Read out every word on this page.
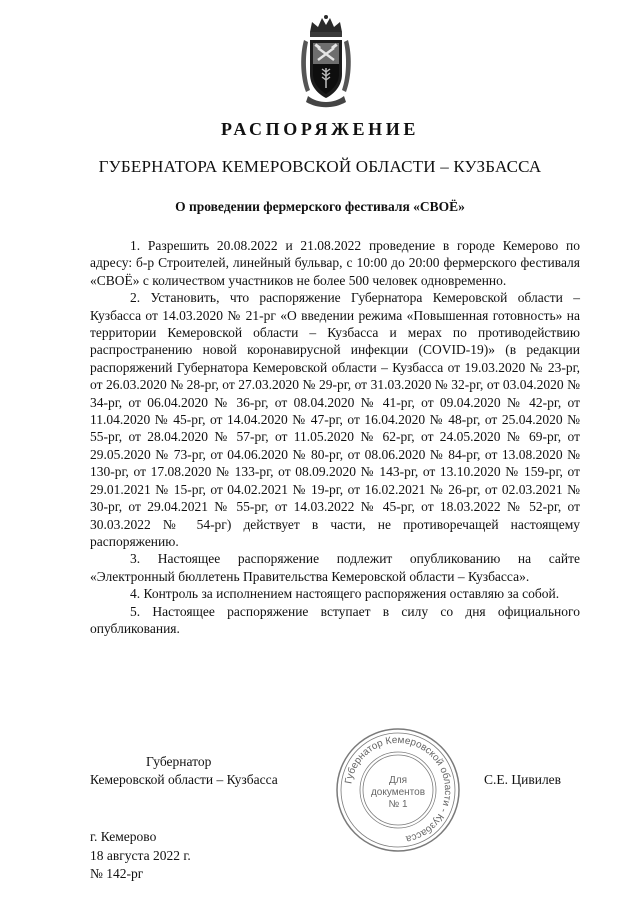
РАСПОРЯЖЕНИЕ
ГУБЕРНАТОРА КЕМЕРОВСКОЙ ОБЛАСТИ – КУЗБАССА
О проведении фермерского фестиваля «СВОЁ»

1. Разрешить 20.08.2022 и 21.08.2022 проведение в городе Кемерово по адресу: б-р Строителей, линейный бульвар, с 10:00 до 20:00 фермерского фестиваля «СВОЁ» с количеством участников не более 500 человек одновременно.

2. Установить, что распоряжение Губернатора Кемеровской области – Кузбасса от 14.03.2020 № 21-рг «О введении режима «Повышенная готовность» на территории Кемеровской области – Кузбасса и мерах по противодействию распространению новой коронавирусной инфекции (COVID-19)» (в редакции распоряжений Губернатора Кемеровской области – Кузбасса от 19.03.2020 № 23-рг, от 26.03.2020 № 28-рг, от 27.03.2020 № 29-рг, от 31.03.2020 № 32-рг, от 03.04.2020 № 34-рг, от 06.04.2020 № 36-рг, от 08.04.2020 № 41-рг, от 09.04.2020 № 42-рг, от 11.04.2020 № 45-рг, от 14.04.2020 № 47-рг, от 16.04.2020 № 48-рг, от 25.04.2020 № 55-рг, от 28.04.2020 № 57-рг, от 11.05.2020 № 62-рг, от 24.05.2020 № 69-рг, от 29.05.2020 № 73-рг, от 04.06.2020 № 80-рг, от 08.06.2020 № 84-рг, от 13.08.2020 № 130-рг, от 17.08.2020 № 133-рг, от 08.09.2020 № 143-рг, от 13.10.2020 № 159-рг, от 29.01.2021 № 15-рг, от 04.02.2021 № 19-рг, от 16.02.2021 № 26-рг, от 02.03.2021 № 30-рг, от 29.04.2021 № 55-рг, от 14.03.2022 № 45-рг, от 18.03.2022 № 52-рг, от 30.03.2022 № 54-рг) действует в части, не противоречащей настоящему распоряжению.

3. Настоящее распоряжение подлежит опубликованию на сайте «Электронный бюллетень Правительства Кемеровской области – Кузбасса».

4. Контроль за исполнением настоящего распоряжения оставляю за собой.

5. Настоящее распоряжение вступает в силу со дня официального опубликования.

Губернатор
Кемеровской области – Кузбасса	С.Е. Цивилев
Губернатор Кемеровской области - Кузбасса
Для
документов
№ 1
г. Кемерово
18 августа 2022 г.
№ 142-рг
